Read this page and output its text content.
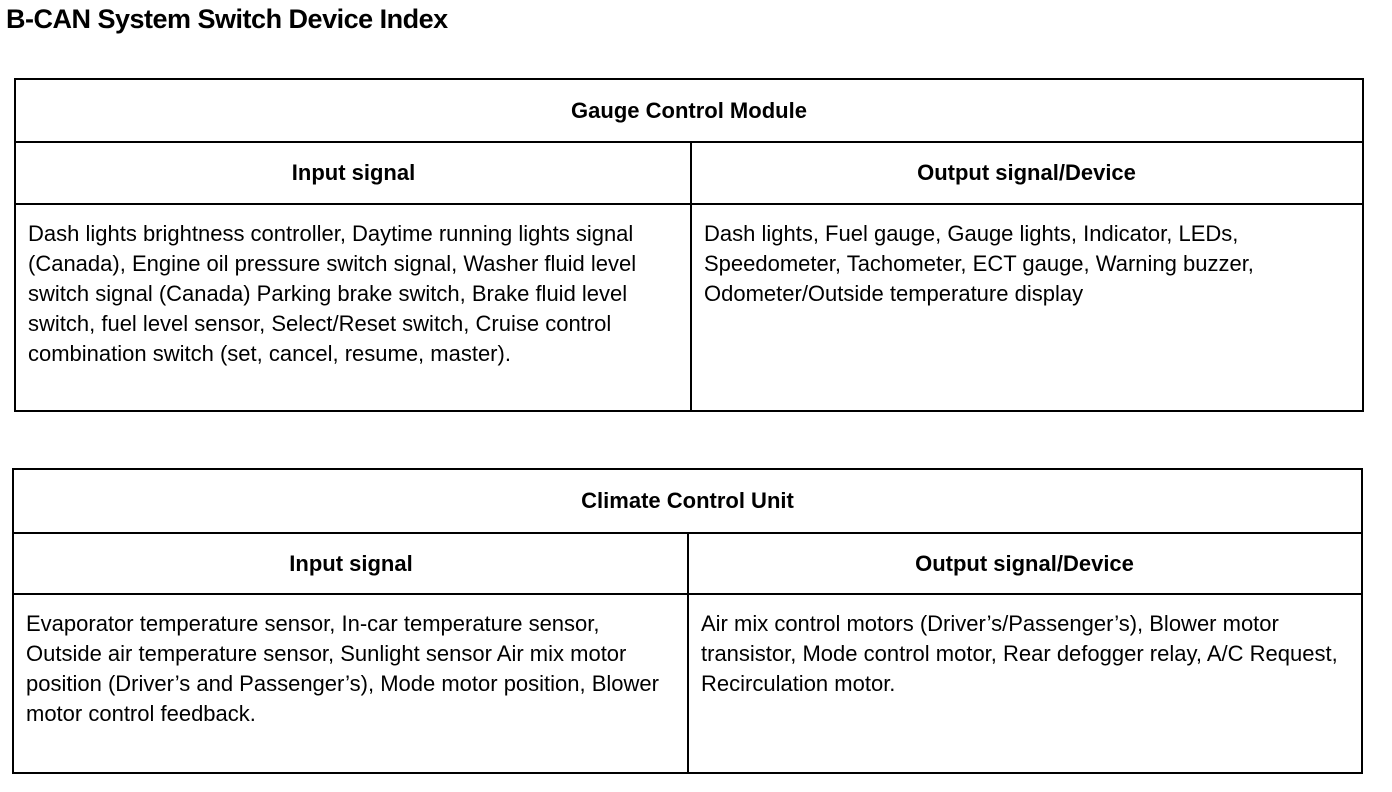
B-CAN System Switch Device Index
Gauge Control Module
Input signal	Output signal/Device
Dash lights brightness controller, Daytime running lights signal (Canada), Engine oil pressure switch signal, Washer fluid level switch signal (Canada) Parking brake switch, Brake fluid level switch, fuel level sensor, Select/Reset switch, Cruise control combination switch (set, cancel, resume, master).
Dash lights, Fuel gauge, Gauge lights, Indicator, LEDs, Speedometer, Tachometer, ECT gauge, Warning buzzer, Odometer/Outside temperature display
Climate Control Unit
Input signal	Output signal/Device
Evaporator temperature sensor, In-car temperature sensor, Outside air temperature sensor, Sunlight sensor Air mix motor position (Driver’s and Passenger’s), Mode motor position, Blower motor control feedback.
Air mix control motors (Driver’s/Passenger’s), Blower motor transistor, Mode control motor, Rear defogger relay, A/C Request, Recirculation motor.
